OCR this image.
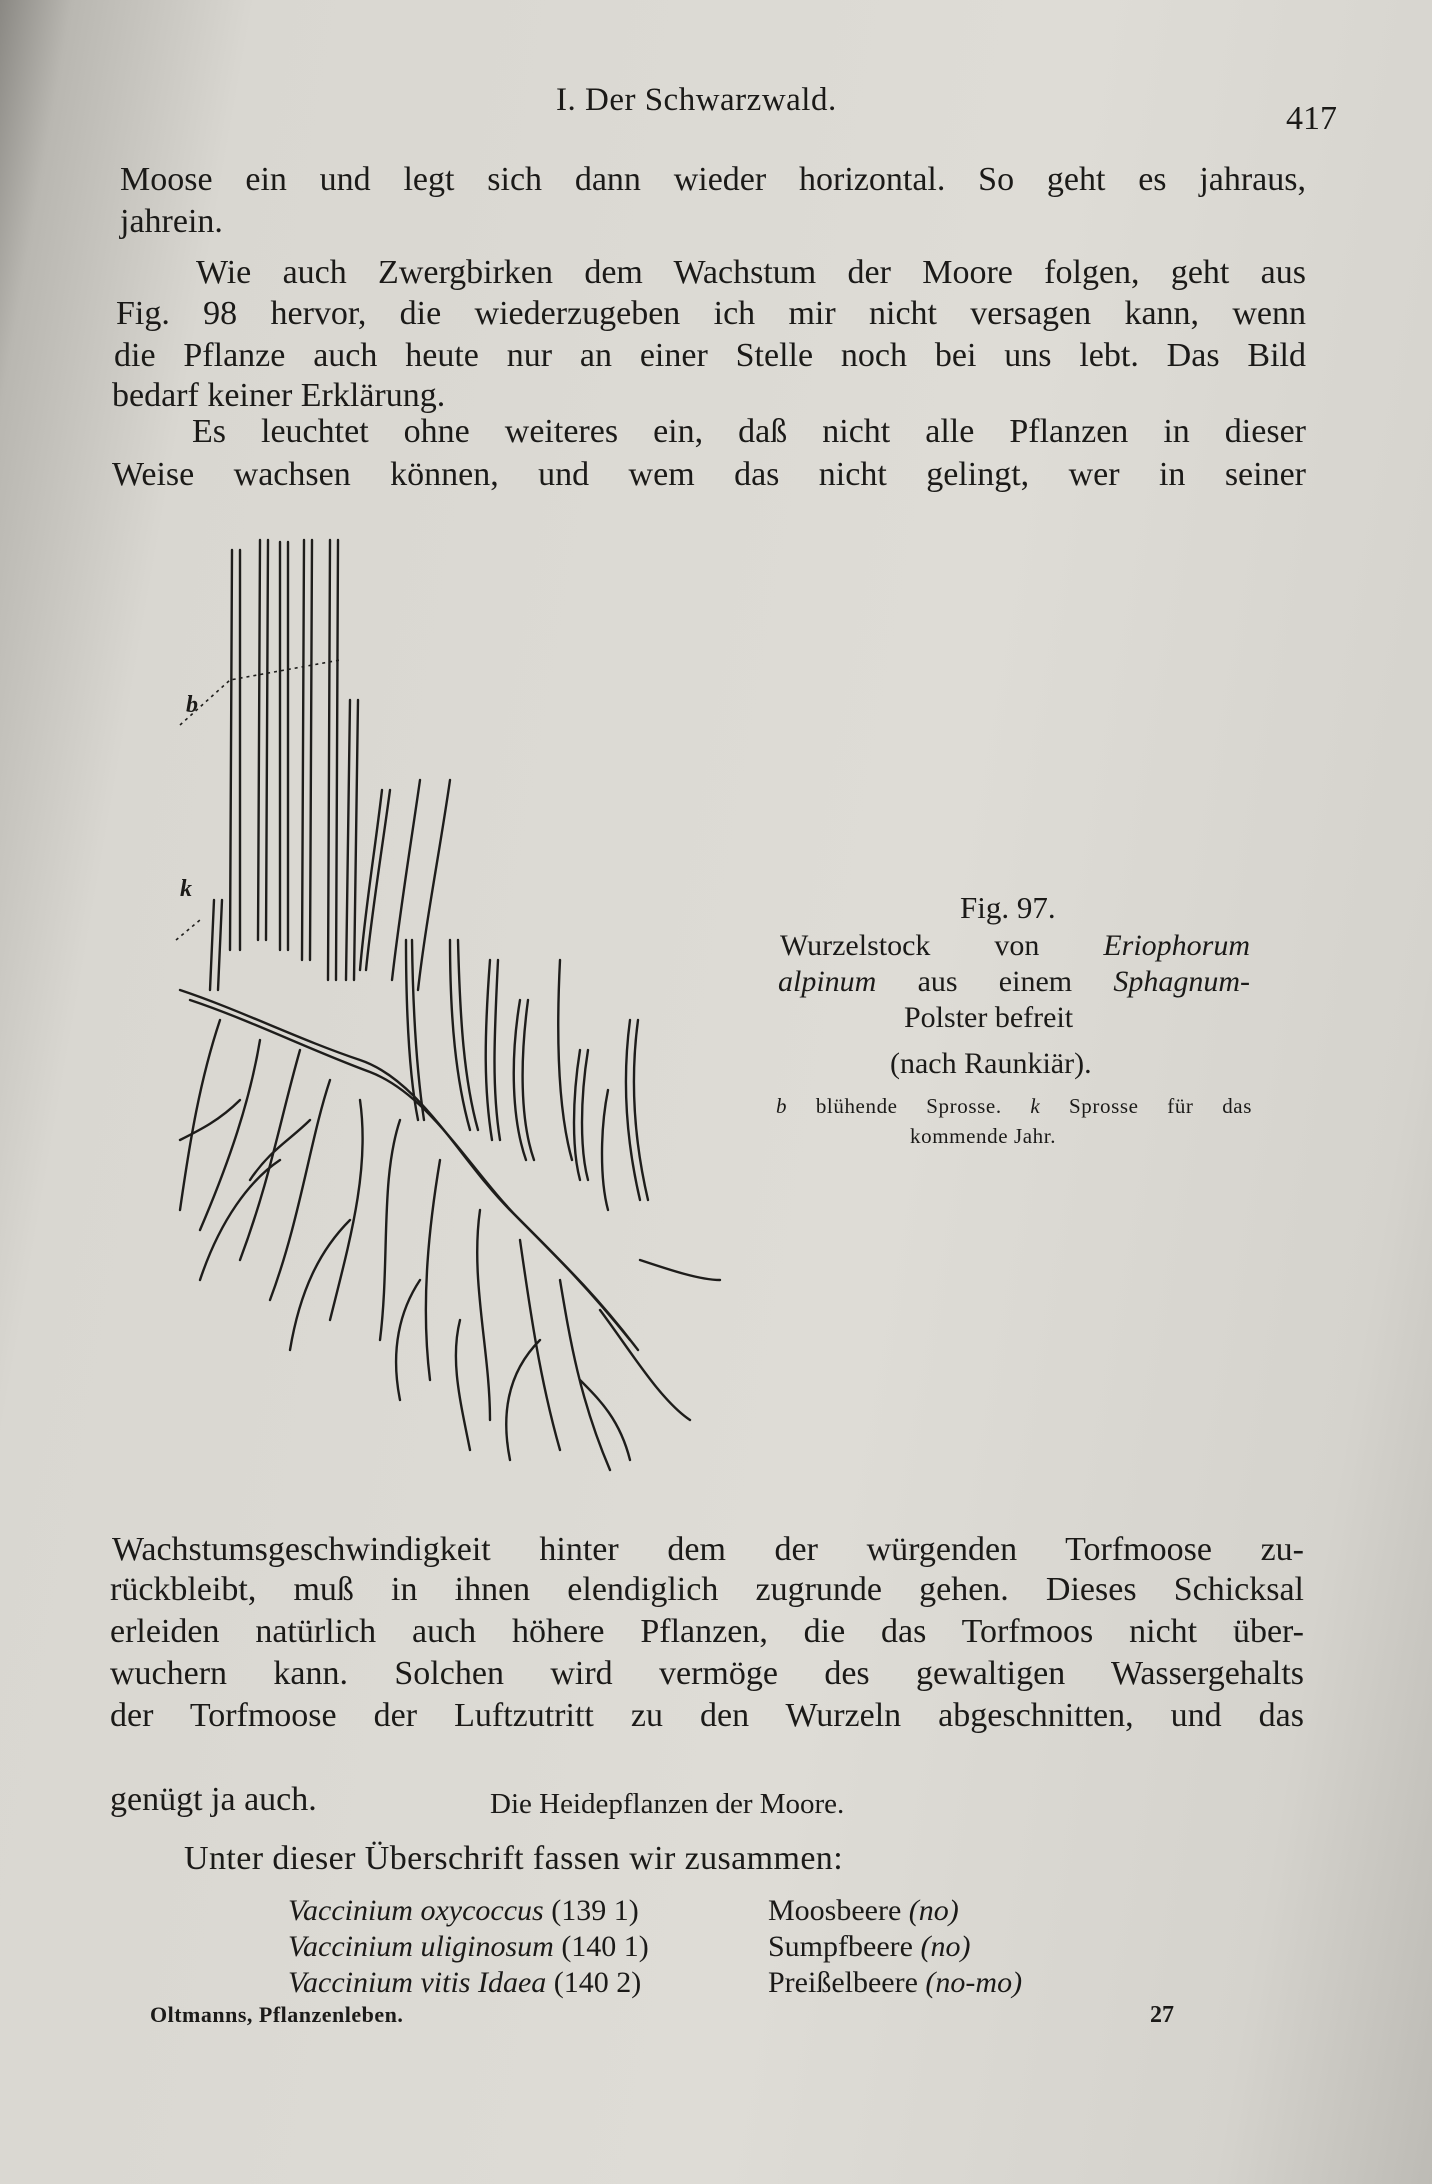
I. Der Schwarzwald.	417
Moose ein und legt sich dann wieder horizontal. So geht es jahraus,
jahrein.
Wie auch Zwergbirken dem Wachstum der Moore folgen, geht aus
Fig. 98 hervor, die wiederzugeben ich mir nicht versagen kann, wenn
die Pflanze auch heute nur an einer Stelle noch bei uns lebt. Das Bild
bedarf keiner Erklärung.
Es leuchtet ohne weiteres ein, daß nicht alle Pflanzen in dieser
Weise wachsen können, und wem das nicht gelingt, wer in seiner
b
k
Fig. 97.
Wurzelstock von Eriophorum
alpinum aus einem Sphagnum-
Polster befreit
(nach Raunkiär).
b blühende Sprosse. k Sprosse für das
kommende Jahr.
Wachstumsgeschwindigkeit hinter dem der würgenden Torfmoose zu-
rückbleibt, muß in ihnen elendiglich zugrunde gehen. Dieses Schicksal
erleiden natürlich auch höhere Pflanzen, die das Torfmoos nicht über-
wuchern kann. Solchen wird vermöge des gewaltigen Wassergehalts
der Torfmoose der Luftzutritt zu den Wurzeln abgeschnitten, und das
genügt ja auch.	Die Heidepflanzen der Moore.
Unter dieser Überschrift fassen wir zusammen:
Vaccinium oxycoccus (139 1)	Moosbeere (no)
Vaccinium uliginosum (140 1)	Sumpfbeere (no)
Vaccinium vitis Idaea (140 2)	Preißelbeere (no-mo)
Oltmanns, Pflanzenleben.	27
